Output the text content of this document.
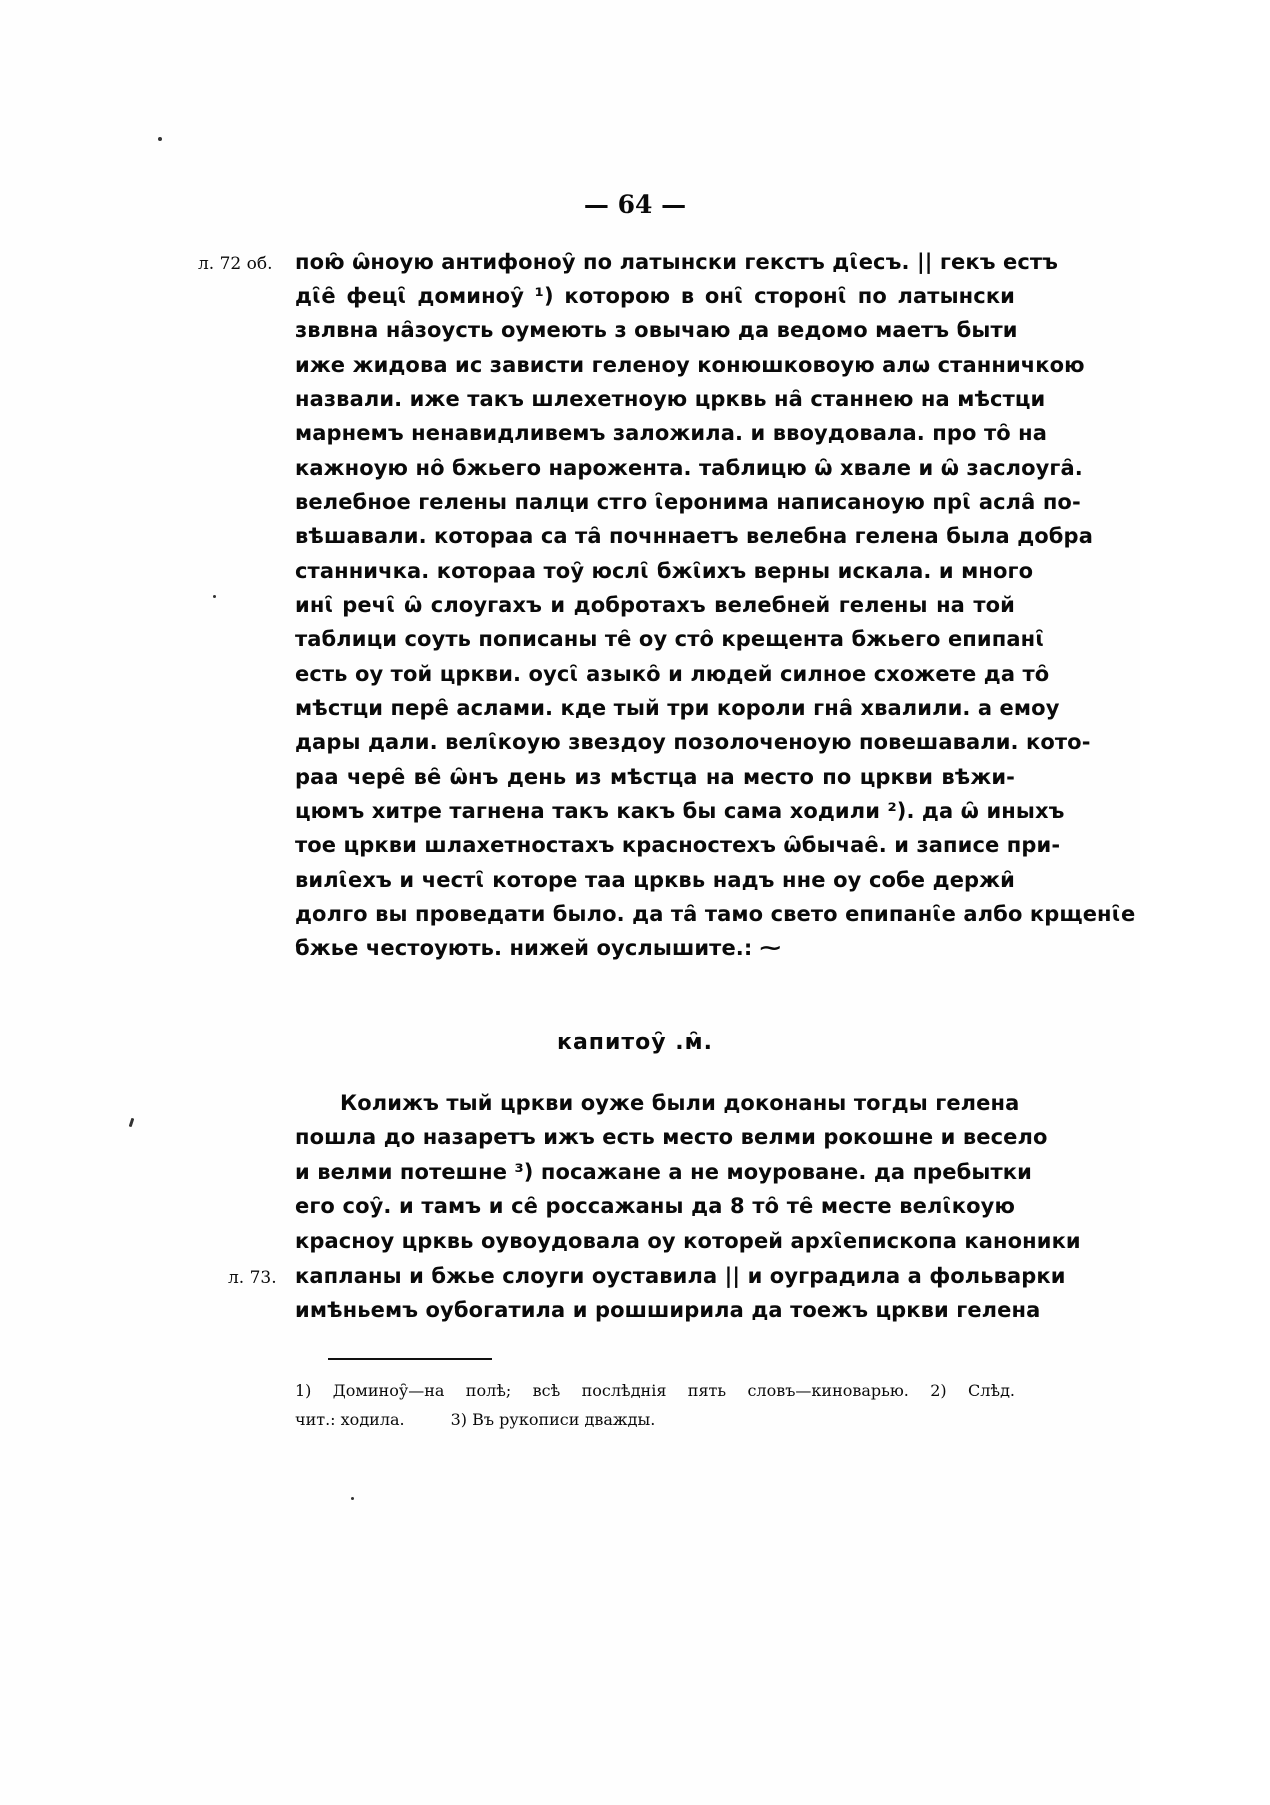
— 64 —
л. 72 об. пою̑ ѡ̑ноую антифоноу̑ по латынски гекстъ дꙇ̑есъ. || гекъ естъ

дꙇ̑е̑ фецꙇ̑ доминоу̑ ¹) которою в онꙇ̑ сторонꙇ̑ по латынски

звлвна на̑зоусть оумеють з овычаю да ведомо маетъ быти

иже жидова ис зависти геленоу конюшковоую алѡ станничкою

назвали. иже такъ шлехетноую црквь на̑ станнею на мѣстци

марнемъ ненавидливемъ заложила. и ввоудовала. про то̑ на

кажноую но̑ бжьего нарожента. таблицю ѡ̑ хвале и ѡ̑ заслоуга̑.

велебное гелены палци стго ꙇ̑еронима написаноую прꙇ̑ асла̑ по-

вѣшавали. котораа са та̑ почннаетъ велебна гелена была добра

станничка. котораа тоу̑ юслꙇ̑ бжꙇ̑ихъ верны искала. и много

инꙇ̑ речꙇ̑ ѡ̑ слоугахъ и добротахъ велебней гелены на той

таблици соуть пописаны те̑ оу сто̑ крещента бжьего епипанꙇ̑

есть оу той цркви. оусꙇ̑ азыко̑ и людей силное схожете да то̑

мѣстци пере̑ аслами. кде тый три короли гна̑ хвалили. а емоу

дары дали. велꙇ̑коую звездоу позолоченоую повешавали. кото-

раа чере̑ ве̑ ѡ̑нъ день из мѣстца на место по цркви вѣжи-

цюмъ хитре тагнена такъ какъ бы сама ходили ²). да ѡ̑ иныхъ

тое цркви шлахетностахъ красностехъ ѡ̑бычае̑. и записе при-

вилꙇ̑ехъ и честꙇ̑ которе таа црквь надъ нне оу собе держи̑

долго вы проведати было. да та̑ тамо свето епипанꙇ̑е албо крщенꙇ̑е

бжье честоують. нижей оуслышите.: ⁓

капитоу̑ .м̑.

Колижъ тый цркви оуже были доконаны тогды гелена

пошла до назаретъ ижъ есть место велми рокошне и весело

и велми потешне ³) посажане а не моуроване. да пребытки

его соу̑. и тамъ и се̑ россажаны да 8 то̑ те̑ месте велꙇ̑коую

красноу црквь оувоудовала оу которей архꙇ̑епископа каноники

капланы и бжье слоуги оуставила || и оуградила а фольварки

имѣньемъ оубогатила и рошширила да тоежъ цркви гелена

л. 73.

1) Доминоу̑—на полѣ; всѣ послѣднія пять словъ—киноварью. 2) Слѣд.

чит.: ходила.	3) Въ рукописи дважды.
